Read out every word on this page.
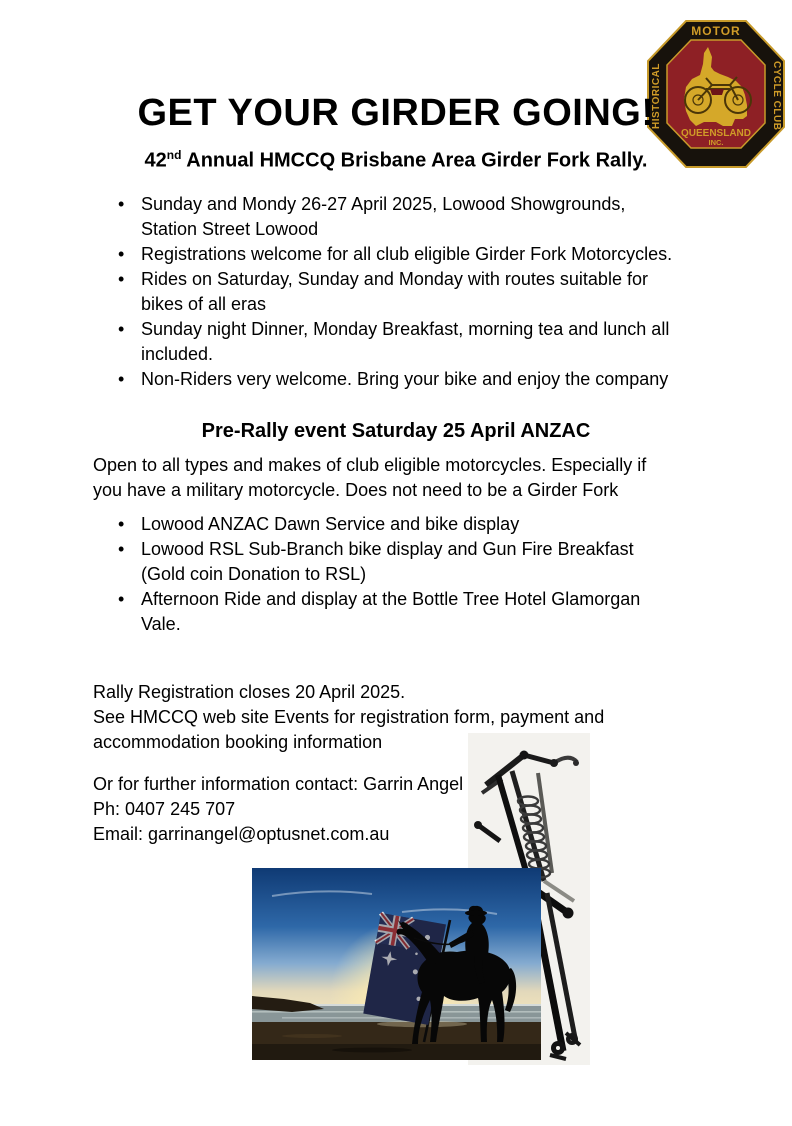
MOTOR
HISTORICAL	CYCLE CLUB
QUEENSLAND
INC.
GET YOUR GIRDER GOING!
42nd Annual HMCCQ Brisbane Area Girder Fork Rally.
• Sunday and Mondy 26-27 April 2025, Lowood Showgrounds,
Station Street Lowood
• Registrations welcome for all club eligible Girder Fork Motorcycles.
• Rides on Saturday, Sunday and Monday with routes suitable for
bikes of all eras
• Sunday night Dinner, Monday Breakfast, morning tea and lunch all
included.
• Non-Riders very welcome. Bring your bike and enjoy the company
Pre-Rally event Saturday 25 April ANZAC
Open to all types and makes of club eligible motorcycles. Especially if
you have a military motorcycle. Does not need to be a Girder Fork
• Lowood ANZAC Dawn Service and bike display
• Lowood RSL Sub-Branch bike display and Gun Fire Breakfast
(Gold coin Donation to RSL)
• Afternoon Ride and display at the Bottle Tree Hotel Glamorgan
Vale.
Rally Registration closes 20 April 2025.
See HMCCQ web site Events for registration form, payment and
accommodation booking information
Or for further information contact: Garrin Angel
Ph: 0407 245 707
Email: garrinangel@optusnet.com.au
